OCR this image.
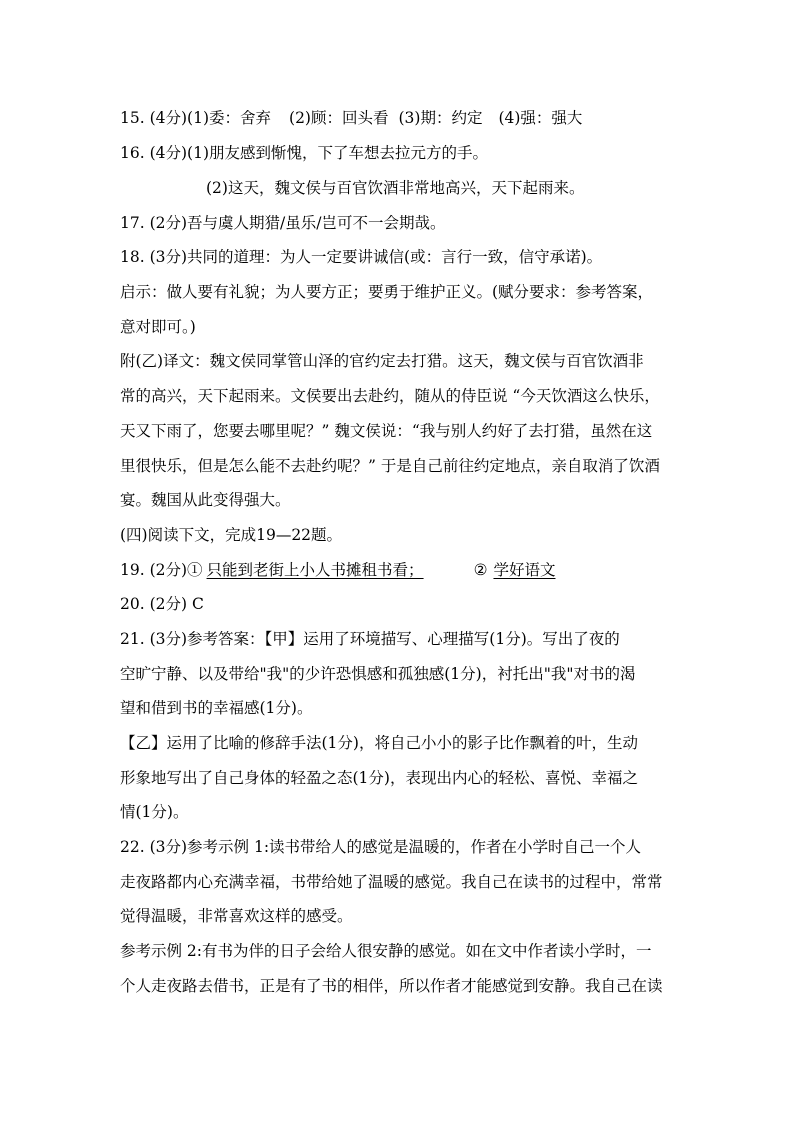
15. (4分)(1)委：舍弃 (2)顾：回头看 (3)期：约定 (4)强：强大
16. (4分)(1)朋友感到惭愧，下了车想去拉元方的手。
(2)这天，魏文侯与百官饮酒非常地高兴，天下起雨来。
17. (2分)吾与虞人期猎/虽乐/岂可不一会期哉。
18. (3分)共同的道理：为人一定要讲诚信(或：言行一致，信守承诺)。
启示：做人要有礼貌；为人要方正；要勇于维护正义。(赋分要求：参考答案，
意对即可。)
附(乙)译文：魏文侯同掌管山泽的官约定去打猎。这天，魏文侯与百官饮酒非
常的高兴，天下起雨来。文侯要出去赴约，随从的侍臣说 “今天饮酒这么快乐，
天又下雨了，您要去哪里呢？” 魏文侯说：“我与别人约好了去打猎，虽然在这
里很快乐，但是怎么能不去赴约呢？” 于是自己前往约定地点，亲自取消了饮酒
宴。魏国从此变得强大。
(四)阅读下文，完成19—22题。
19. (2分)① 只能到老街上小人书摊租书看；	② 学好语文
20. (2分) C
21. (3分)参考答案：【甲】运用了环境描写、心理描写(1分)。写出了夜的
空旷宁静、以及带给"我"的少许恐惧感和孤独感(1分)，衬托出"我"对书的渴
望和借到书的幸福感(1分)。
【乙】运用了比喻的修辞手法(1分)，将自己小小的影子比作飘着的叶，生动
形象地写出了自己身体的轻盈之态(1分)，表现出内心的轻松、喜悦、幸福之
情(1分)。
22. (3分)参考示例 1:读书带给人的感觉是温暖的，作者在小学时自己一个人
走夜路都内心充满幸福，书带给她了温暖的感觉。我自己在读书的过程中，常常
觉得温暖，非常喜欢这样的感受。
参考示例 2:有书为伴的日子会给人很安静的感觉。如在文中作者读小学时，一
个人走夜路去借书，正是有了书的相伴，所以作者才能感觉到安静。我自己在读
